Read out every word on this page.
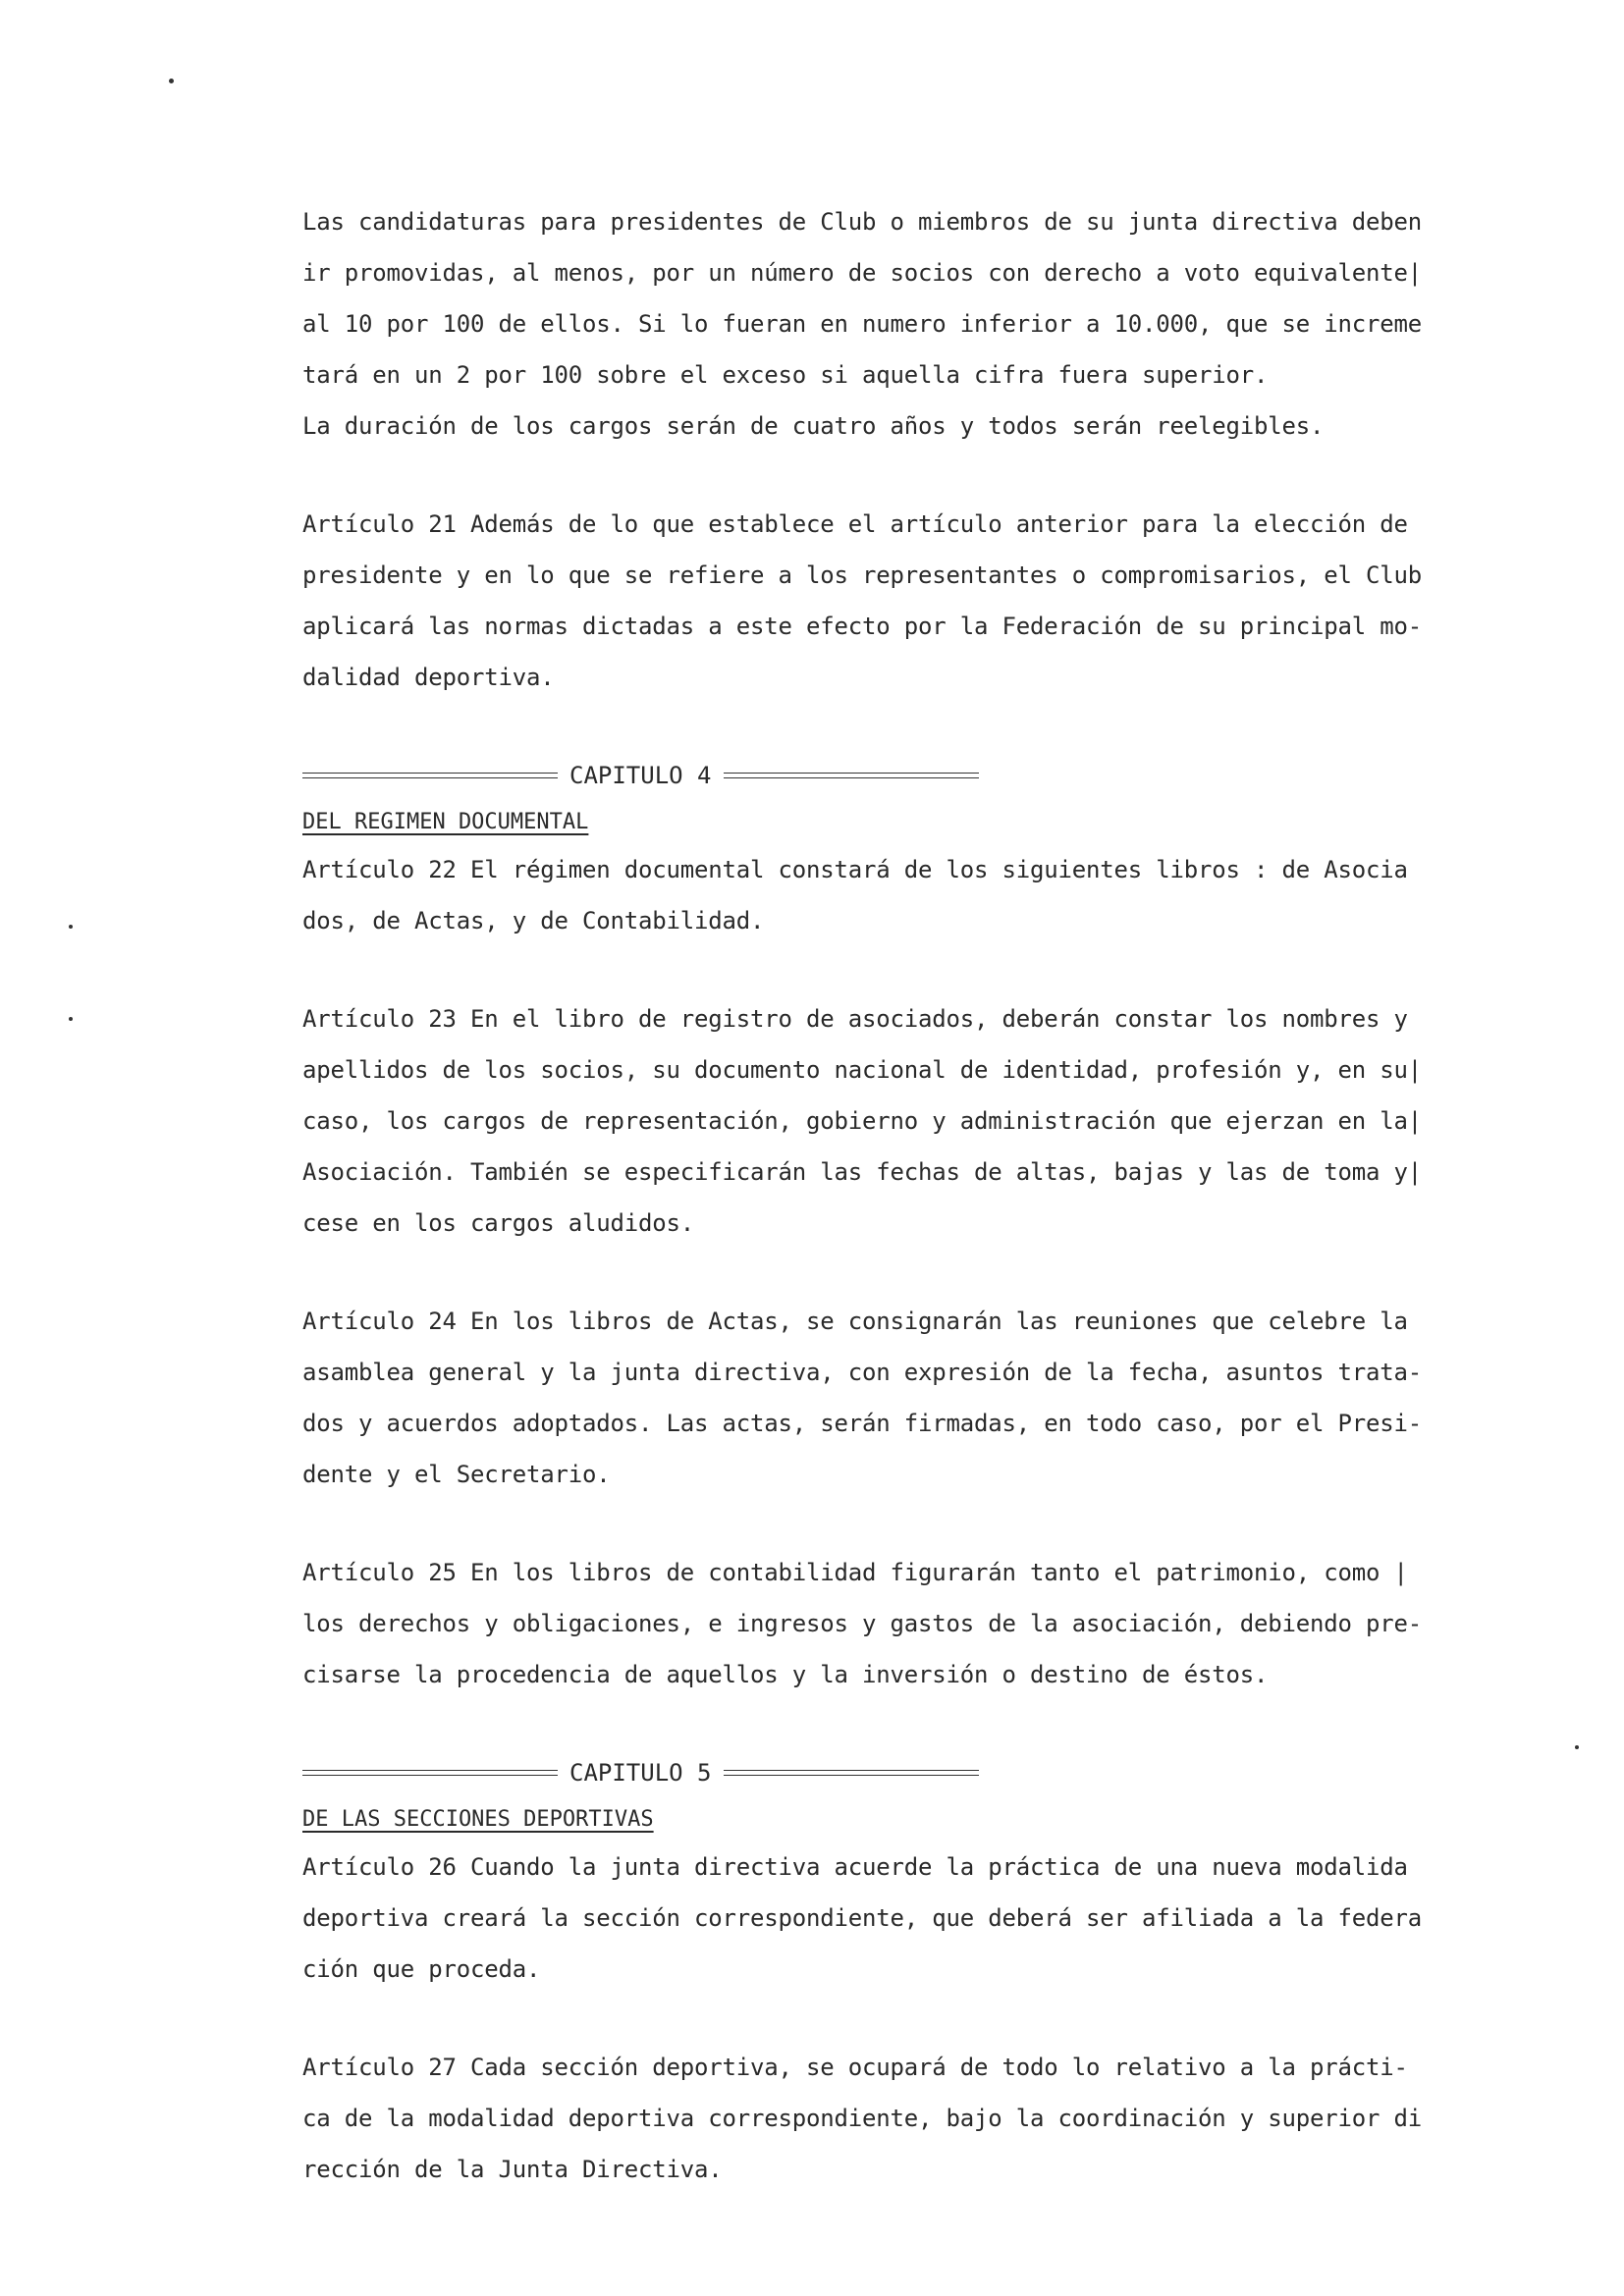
Las candidaturas para presidentes de Club o miembros de su junta directiva deben
ir promovidas, al menos, por un número de socios con derecho a voto equivalente|
al 10 por 100 de ellos. Si lo fueran en numero inferior a 10.000, que se increme
tará en un 2 por 100 sobre el exceso si aquella cifra fuera superior.
La duración de los cargos serán de cuatro años y todos serán reelegibles.
Artículo 21 Además de lo que establece el artículo anterior para la elección de
presidente y en lo que se refiere a los representantes o compromisarios, el Club
aplicará las normas dictadas a este efecto por la Federación de su principal mo-
dalidad deportiva.
CAPITULO 4
DEL REGIMEN DOCUMENTAL
Artículo 22 El régimen documental constará de los siguientes libros : de Asocia
dos, de Actas, y de Contabilidad.
Artículo 23 En el libro de registro de asociados, deberán constar los nombres y
apellidos de los socios, su documento nacional de identidad, profesión y, en su|
caso, los cargos de representación, gobierno y administración que ejerzan en la|
Asociación. También se especificarán las fechas de altas, bajas y las de toma y|
cese en los cargos aludidos.
Artículo 24 En los libros de Actas, se consignarán las reuniones que celebre la
asamblea general y la junta directiva, con expresión de la fecha, asuntos trata-
dos y acuerdos adoptados. Las actas, serán firmadas, en todo caso, por el Presi-
dente y el Secretario.
Artículo 25 En los libros de contabilidad figurarán tanto el patrimonio, como |
los derechos y obligaciones, e ingresos y gastos de la asociación, debiendo pre-
cisarse la procedencia de aquellos y la inversión o destino de éstos.
CAPITULO 5
DE LAS SECCIONES DEPORTIVAS
Artículo 26 Cuando la junta directiva acuerde la práctica de una nueva modalida
deportiva creará la sección correspondiente, que deberá ser afiliada a la federa
ción que proceda.
Artículo 27 Cada sección deportiva, se ocupará de todo lo relativo a la prácti-
ca de la modalidad deportiva correspondiente, bajo la coordinación y superior di
rección de la Junta Directiva.
